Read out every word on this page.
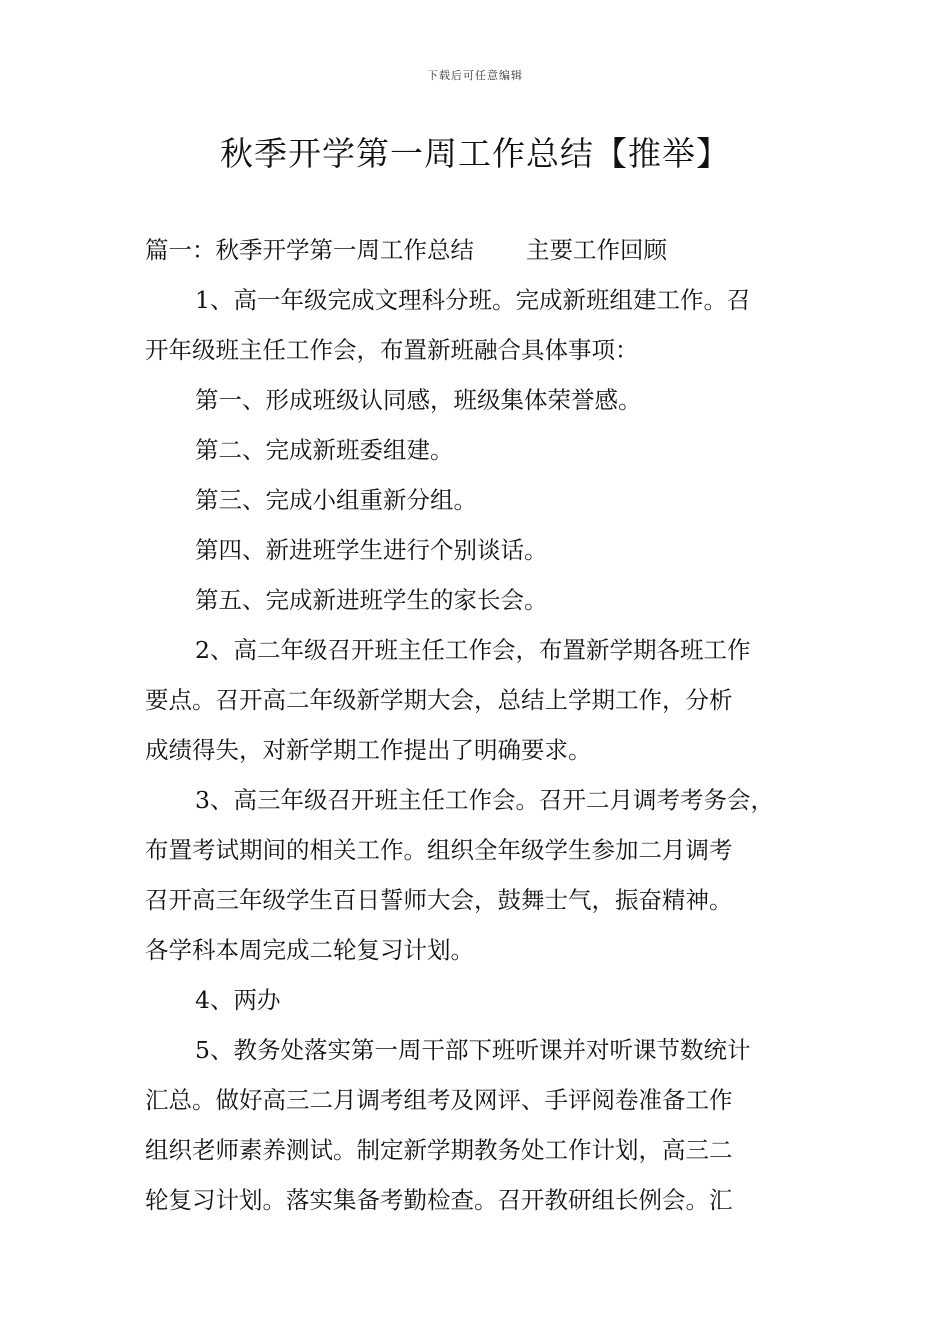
下载后可任意编辑
秋季开学第一周工作总结【推举】

篇一：秋季开学第一周工作总结 主要工作回顾

1、高一年级完成文理科分班。完成新班组建工作。召

开年级班主任工作会，布置新班融合具体事项：

第一、形成班级认同感，班级集体荣誉感。

第二、完成新班委组建。

第三、完成小组重新分组。

第四、新进班学生进行个别谈话。

第五、完成新进班学生的家长会。

2、高二年级召开班主任工作会，布置新学期各班工作

要点。召开高二年级新学期大会，总结上学期工作，分析

成绩得失，对新学期工作提出了明确要求。

3、高三年级召开班主任工作会。召开二月调考考务会，

布置考试期间的相关工作。组织全年级学生参加二月调考

召开高三年级学生百日誓师大会，鼓舞士气，振奋精神。

各学科本周完成二轮复习计划。

4、两办

5、教务处落实第一周干部下班听课并对听课节数统计

汇总。做好高三二月调考组考及网评、手评阅卷准备工作

组织老师素养测试。制定新学期教务处工作计划，高三二

轮复习计划。落实集备考勤检查。召开教研组长例会。汇
